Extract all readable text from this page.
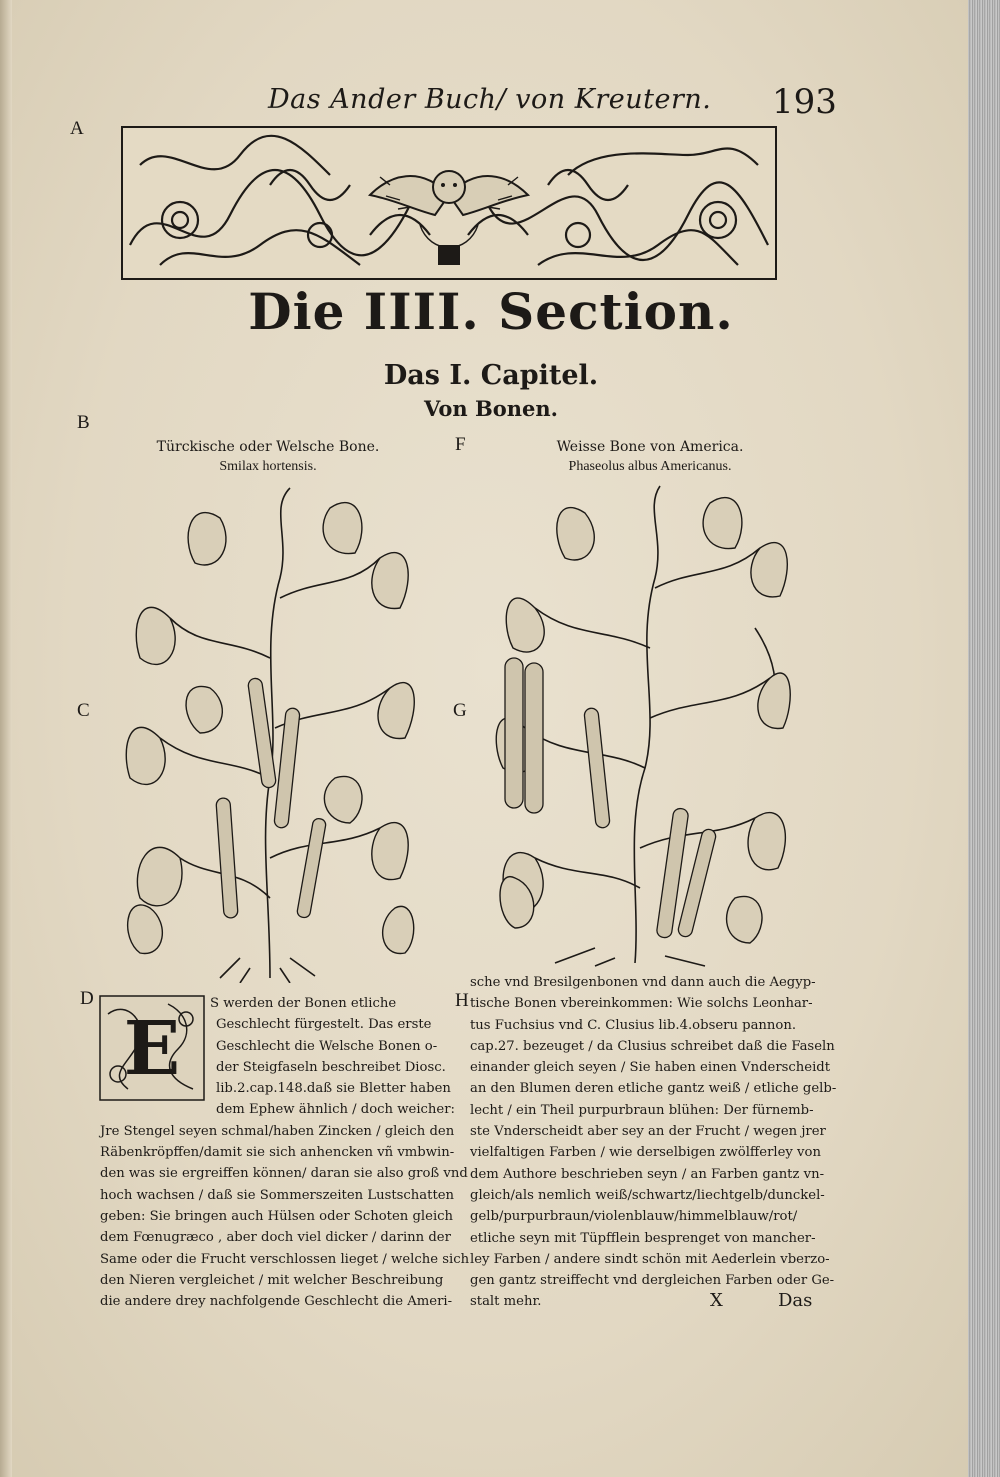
Das Ander Buch/ von Kreutern. 193
A
B
C
D
F
G
H
Die IIII. Section.
Das I. Capitel.
Von Bonen.
Türckische oder Welsche Bone.
Smilax hortensis.
Weisse Bone von America.
Phaseolus albus Americanus.
E
S werden der Bonen etliche
Geschlecht fürgestelt. Das erste
Geschlecht die Welsche Bonen o-
der Steigfaseln beschreibet Diosc.
lib.2.cap.148.daß sie Bletter haben
dem Ephew ähnlich / doch weicher:
Jre Stengel seyen schmal/haben Zincken / gleich den
Räbenkröpffen/damit sie sich anhencken vñ vmbwin-
den was sie ergreiffen können/ daran sie also groß vnd
hoch wachsen / daß sie Sommerszeiten Lustschatten
geben: Sie bringen auch Hülsen oder Schoten gleich
dem Fœnugræco , aber doch viel dicker / darinn der
Same oder die Frucht verschlossen lieget / welche sich
den Nieren vergleichet / mit welcher Beschreibung
die andere drey nachfolgende Geschlecht die Ameri-
sche vnd Bresilgenbonen vnd dann auch die Aegyp-
tische Bonen vbereinkommen: Wie solchs Leonhar-
tus Fuchsius vnd C. Clusius lib.4.obseru pannon.
cap.27. bezeuget / da Clusius schreibet daß die Faseln
einander gleich seyen / Sie haben einen Vnderscheidt
an den Blumen deren etliche gantz weiß / etliche gelb-
lecht / ein Theil purpurbraun blühen: Der fürnemb-
ste Vnderscheidt aber sey an der Frucht / wegen jrer
vielfaltigen Farben / wie derselbigen zwölfferley von
dem Authore beschrieben seyn / an Farben gantz vn-
gleich/als nemlich weiß/schwartz/liechtgelb/dunckel-
gelb/purpurbraun/violenblauw/himmelblauw/rot/
etliche seyn mit Tüpfflein besprenget von mancher-
ley Farben / andere sindt schön mit Aederlein vberzo-
gen gantz streiffecht vnd dergleichen Farben oder Ge-
stalt mehr.	X	Das
